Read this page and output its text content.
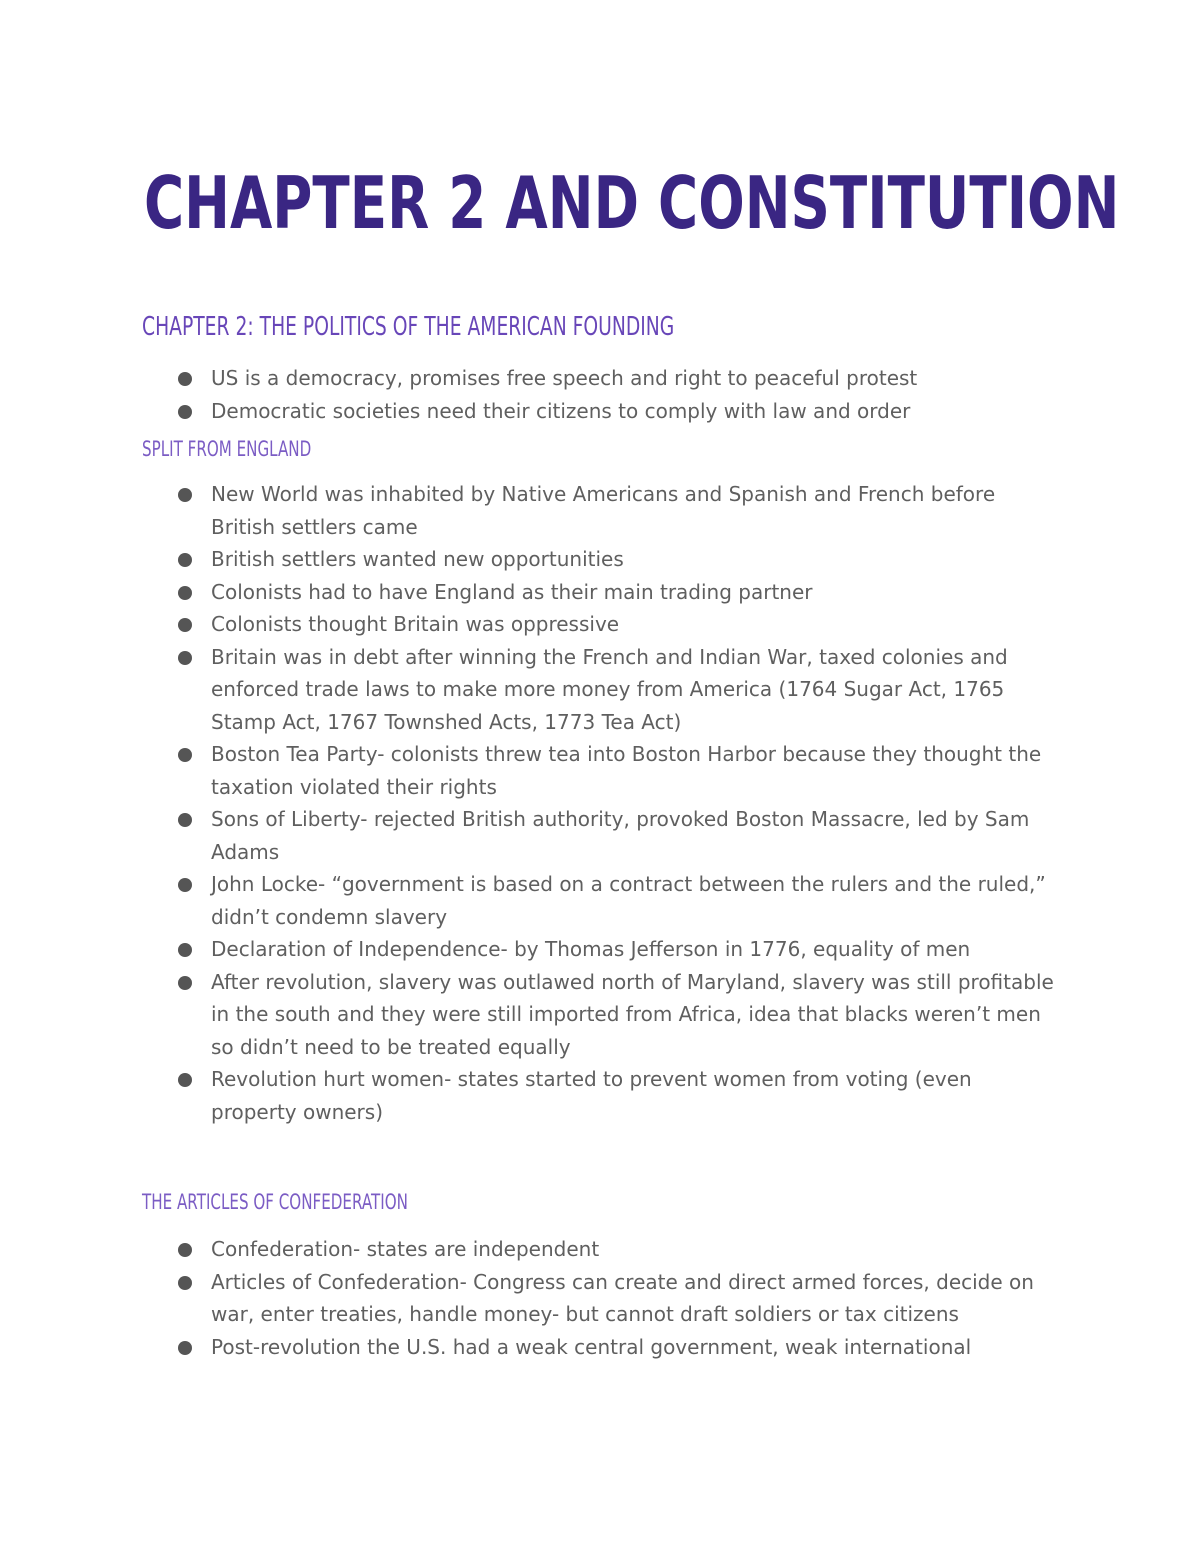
CHAPTER 2 AND CONSTITUTION
CHAPTER 2: THE POLITICS OF THE AMERICAN FOUNDING
US is a democracy, promises free speech and right to peaceful protest
Democratic societies need their citizens to comply with law and order
SPLIT FROM ENGLAND
New World was inhabited by Native Americans and Spanish and French before British settlers came
British settlers wanted new opportunities
Colonists had to have England as their main trading partner
Colonists thought Britain was oppressive
Britain was in debt after winning the French and Indian War, taxed colonies and enforced trade laws to make more money from America (1764 Sugar Act, 1765 Stamp Act, 1767 Townshed Acts, 1773 Tea Act)
Boston Tea Party- colonists threw tea into Boston Harbor because they thought the taxation violated their rights
Sons of Liberty- rejected British authority, provoked Boston Massacre, led by Sam Adams
John Locke- “government is based on a contract between the rulers and the ruled,” didn’t condemn slavery
Declaration of Independence- by Thomas Jefferson in 1776, equality of men
After revolution, slavery was outlawed north of Maryland, slavery was still profitable in the south and they were still imported from Africa, idea that blacks weren’t men so didn’t need to be treated equally
Revolution hurt women- states started to prevent women from voting (even property owners)
THE ARTICLES OF CONFEDERATION
Confederation- states are independent
Articles of Confederation- Congress can create and direct armed forces, decide on war, enter treaties, handle money- but cannot draft soldiers or tax citizens
Post-revolution the U.S. had a weak central government, weak international
